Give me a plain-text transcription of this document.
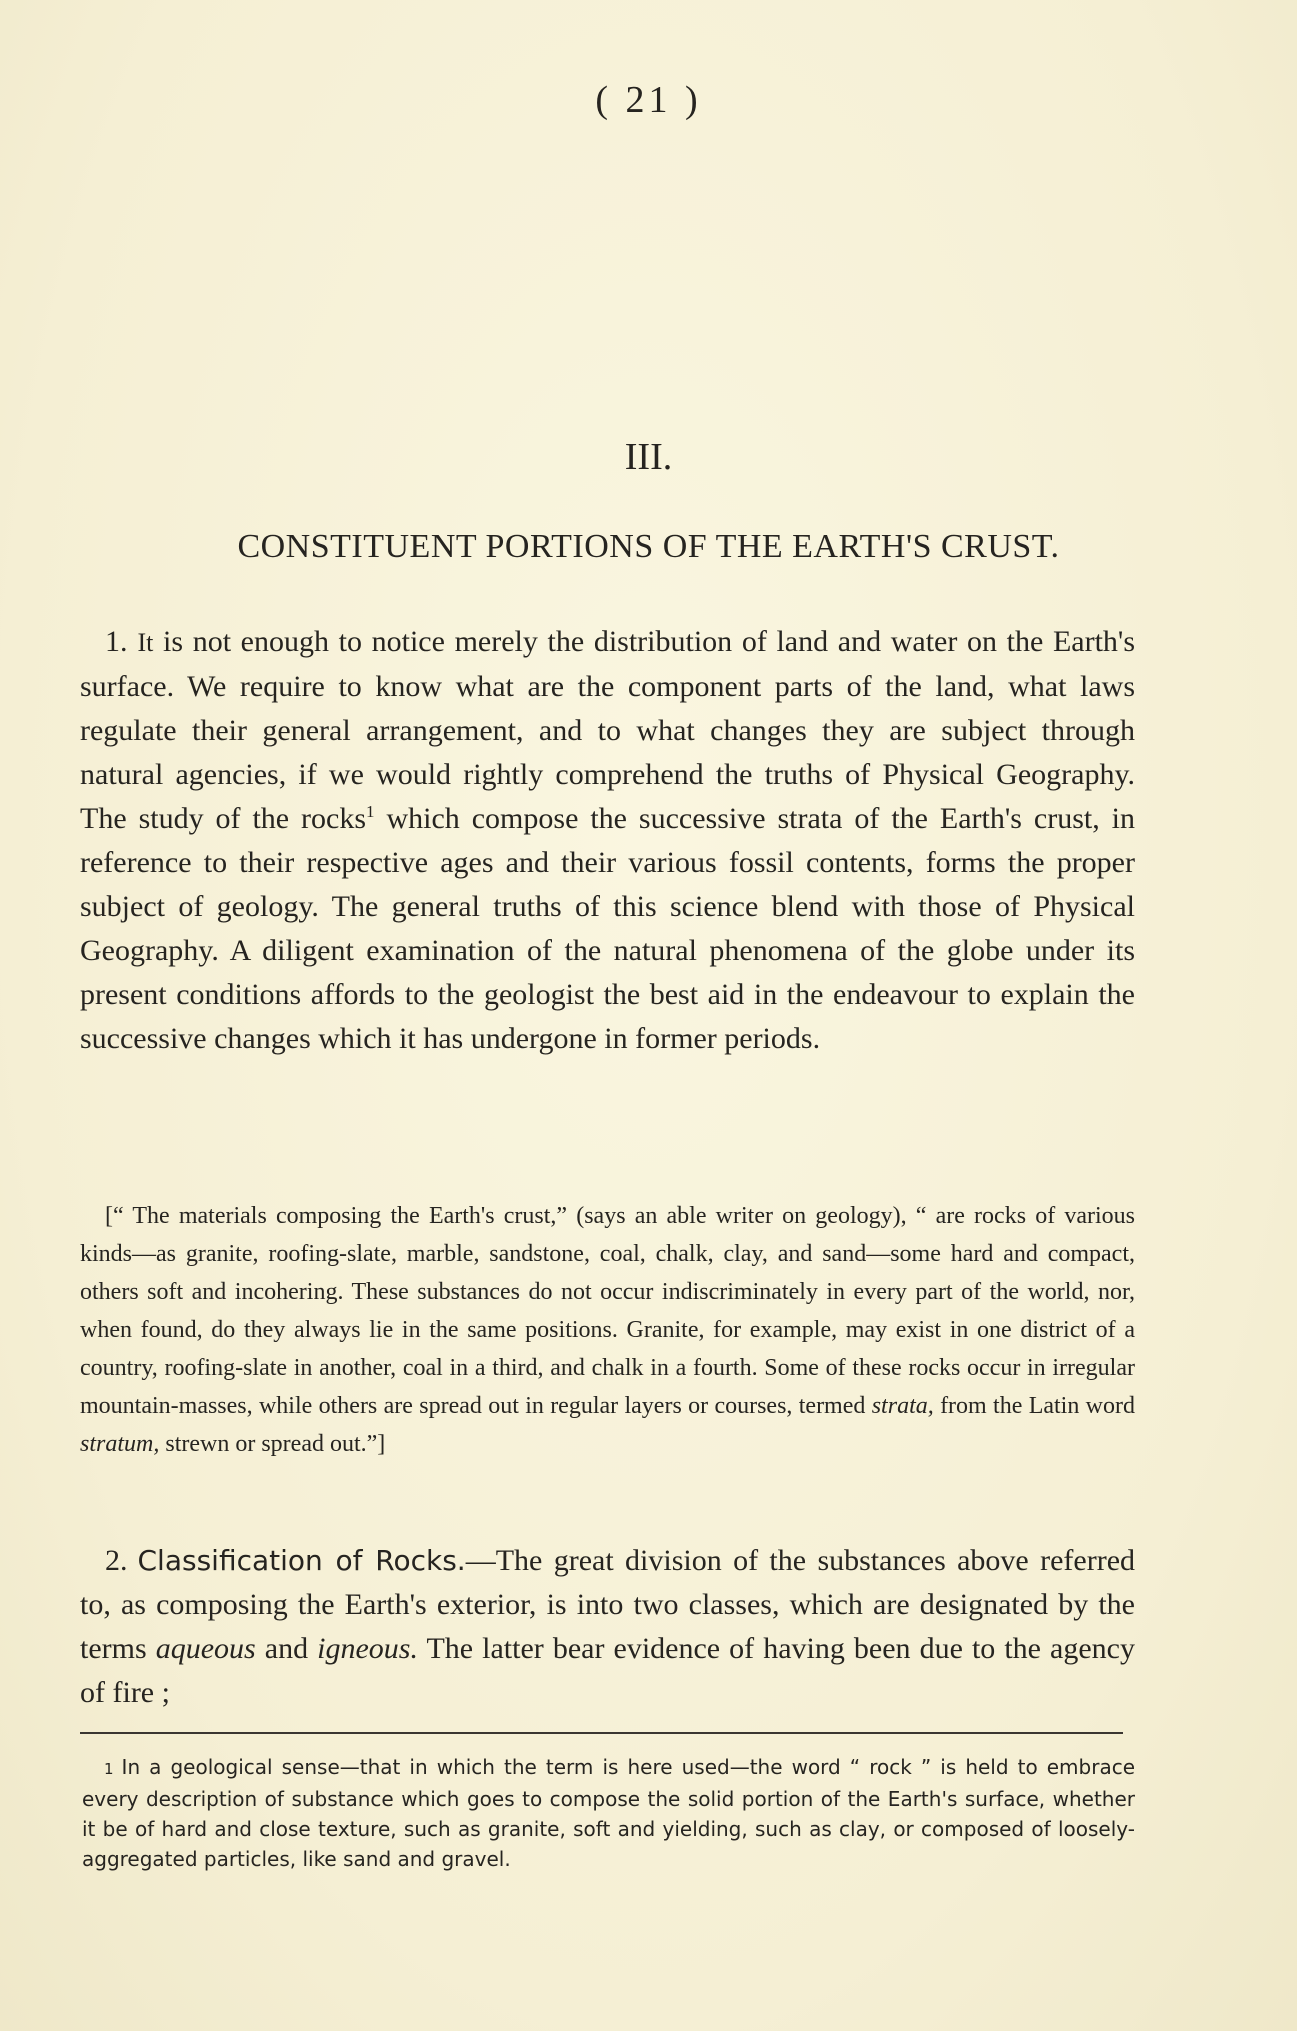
( 21 )
III.
CONSTITUENT PORTIONS OF THE EARTH'S CRUST.

1. It is not enough to notice merely the distribution of land and water on the Earth's surface. We require to know what are the component parts of the land, what laws regulate their general arrangement, and to what changes they are subject through natural agencies, if we would rightly comprehend the truths of Physical Geography. The study of the rocks$^1$ which compose the successive strata of the Earth's crust, in reference to their respective ages and their various fossil contents, forms the proper subject of geology. The general truths of this science blend with those of Physical Geography. A diligent examination of the natural phenomena of the globe under its present conditions affords to the geologist the best aid in the endeavour to explain the successive changes which it has undergone in former periods.

[“ The materials composing the Earth's crust,” (says an able writer on geology), “ are rocks of various kinds—as granite, roofing-slate, marble, sandstone, coal, chalk, clay, and sand—some hard and compact, others soft and incohering. These substances do not occur indiscriminately in every part of the world, nor, when found, do they always lie in the same positions. Granite, for example, may exist in one district of a country, roofing-slate in another, coal in a third, and chalk in a fourth. Some of these rocks occur in irregular mountain-masses, while others are spread out in regular layers or courses, termed strata, from the Latin word stratum, strewn or spread out.”]

2. Classification of Rocks.—The great division of the substances above referred to, as composing the Earth's exterior, is into two classes, which are designated by the terms aqueous and igneous. The latter bear evidence of having been due to the agency of fire ;

1 In a geological sense—that in which the term is here used—the word “ rock ” is held to embrace every description of substance which goes to compose the solid portion of the Earth's surface, whether it be of hard and close texture, such as granite, soft and yielding, such as clay, or composed of loosely-aggregated particles, like sand and gravel.
